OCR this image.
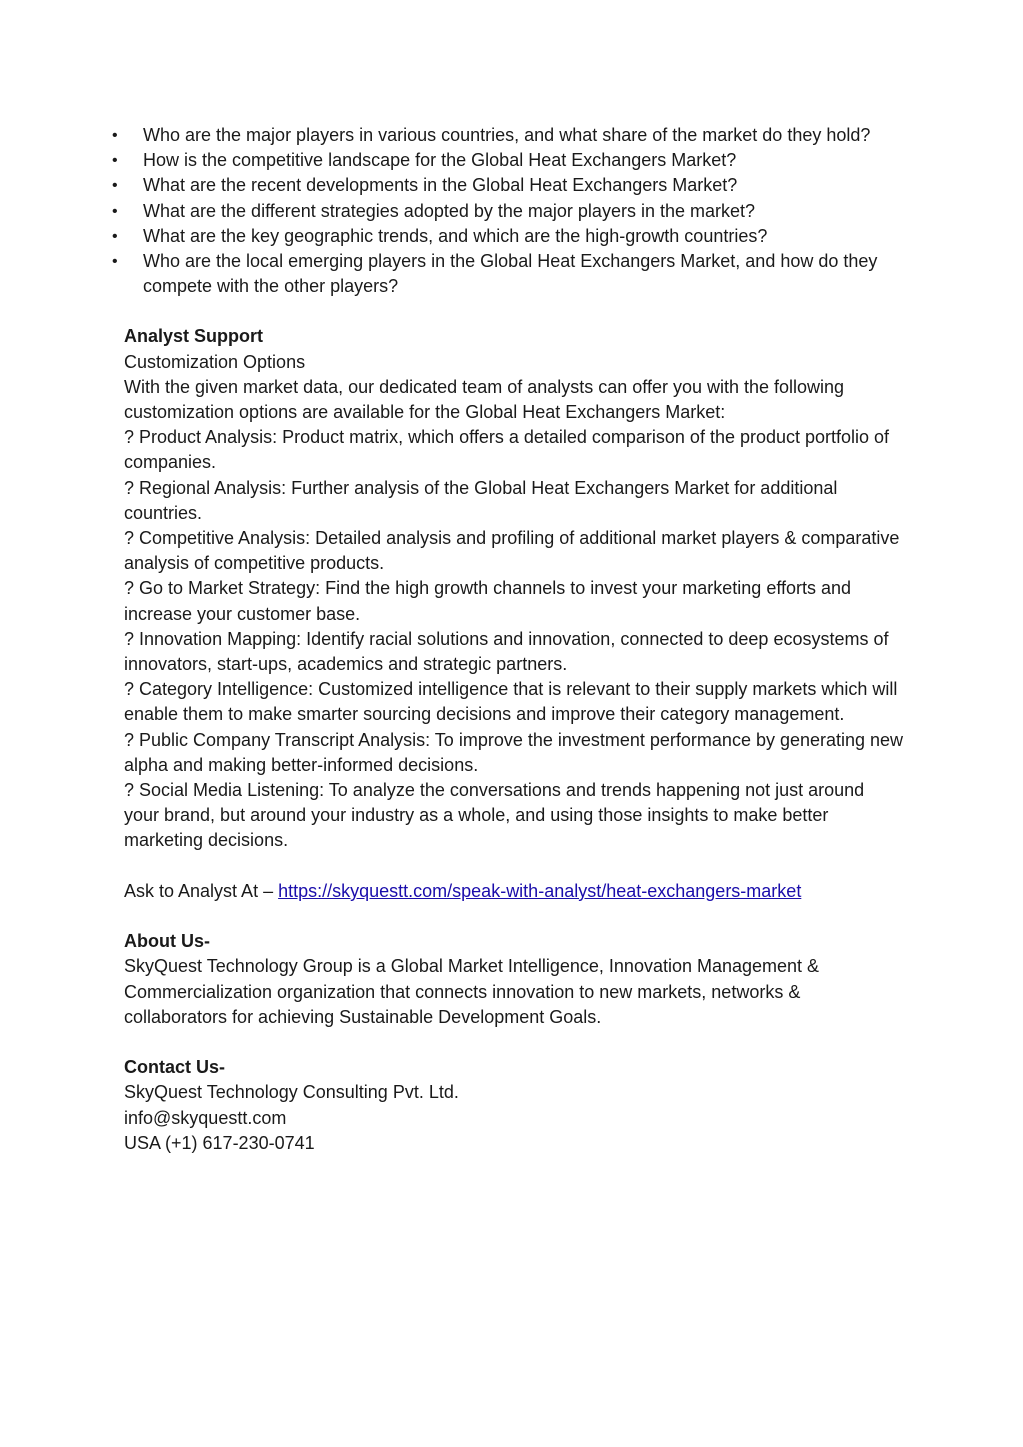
• Who are the major players in various countries, and what share of the market do they hold?
• How is the competitive landscape for the Global Heat Exchangers Market?
• What are the recent developments in the Global Heat Exchangers Market?
• What are the different strategies adopted by the major players in the market?
• What are the key geographic trends, and which are the high-growth countries?
• Who are the local emerging players in the Global Heat Exchangers Market, and how do they compete with the other players?
Analyst Support
Customization Options
With the given market data, our dedicated team of analysts can offer you with the following customization options are available for the Global Heat Exchangers Market:
? Product Analysis: Product matrix, which offers a detailed comparison of the product portfolio of companies.
? Regional Analysis: Further analysis of the Global Heat Exchangers Market for additional countries.
? Competitive Analysis: Detailed analysis and profiling of additional market players & comparative analysis of competitive products.
? Go to Market Strategy: Find the high growth channels to invest your marketing efforts and increase your customer base.
? Innovation Mapping: Identify racial solutions and innovation, connected to deep ecosystems of innovators, start-ups, academics and strategic partners.
? Category Intelligence: Customized intelligence that is relevant to their supply markets which will enable them to make smarter sourcing decisions and improve their category management.
? Public Company Transcript Analysis: To improve the investment performance by generating new alpha and making better-informed decisions.
? Social Media Listening: To analyze the conversations and trends happening not just around your brand, but around your industry as a whole, and using those insights to make better marketing decisions.
Ask to Analyst At – https://skyquestt.com/speak-with-analyst/heat-exchangers-market
About Us-
SkyQuest Technology Group is a Global Market Intelligence, Innovation Management & Commercialization organization that connects innovation to new markets, networks & collaborators for achieving Sustainable Development Goals.
Contact Us-
SkyQuest Technology Consulting Pvt. Ltd.
info@skyquestt.com
USA (+1) 617-230-0741
